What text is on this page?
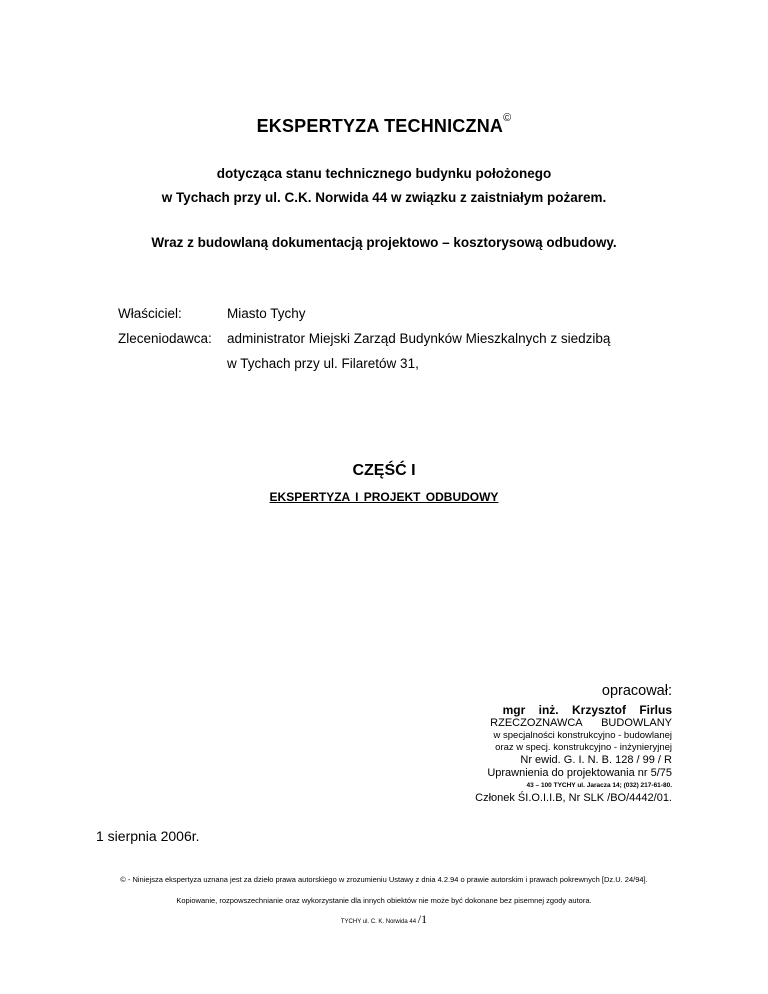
EKSPERTYZA TECHNICZNA©
dotycząca stanu technicznego budynku położonego
w Tychach przy ul. C.K. Norwida 44 w związku z zaistniałym pożarem.
Wraz z budowlaną dokumentacją projektowo – kosztorysową odbudowy.
Właściciel:	Miasto Tychy
Zleceniodawca: administrator Miejski Zarząd Budynków Mieszkalnych z siedzibą
w Tychach przy ul. Filaretów 31,
CZĘŚĆ I
EKSPERTYZA I PROJEKT ODBUDOWY
opracował:
mgr inż. Krzysztof Firlus
RZECZOZNAWCA BUDOWLANY
w specjalności konstrukcyjno - budowlanej
oraz w specj. konstrukcyjno - inżynieryjnej
Nr ewid. G. I. N. B. 128 / 99 / R
Uprawnienia do projektowania nr 5/75
43 – 100 TYCHY ul. Jaracza 14; (032) 217-61-80.
Członek ŚI.O.I.I.B, Nr SLK /BO/4442/01.
1 sierpnia 2006r.
© - Niniejsza ekspertyza uznana jest za dzieło prawa autorskiego w zrozumieniu Ustawy z dnia 4.2.94 o prawie autorskim i prawach pokrewnych [Dz.U. 24/94].
Kopiowanie, rozpowszechnianie oraz wykorzystanie dla innych obiektów nie może być dokonane bez pisemnej zgody autora.
TYCHY ul. C. K. Norwida 44 /1
